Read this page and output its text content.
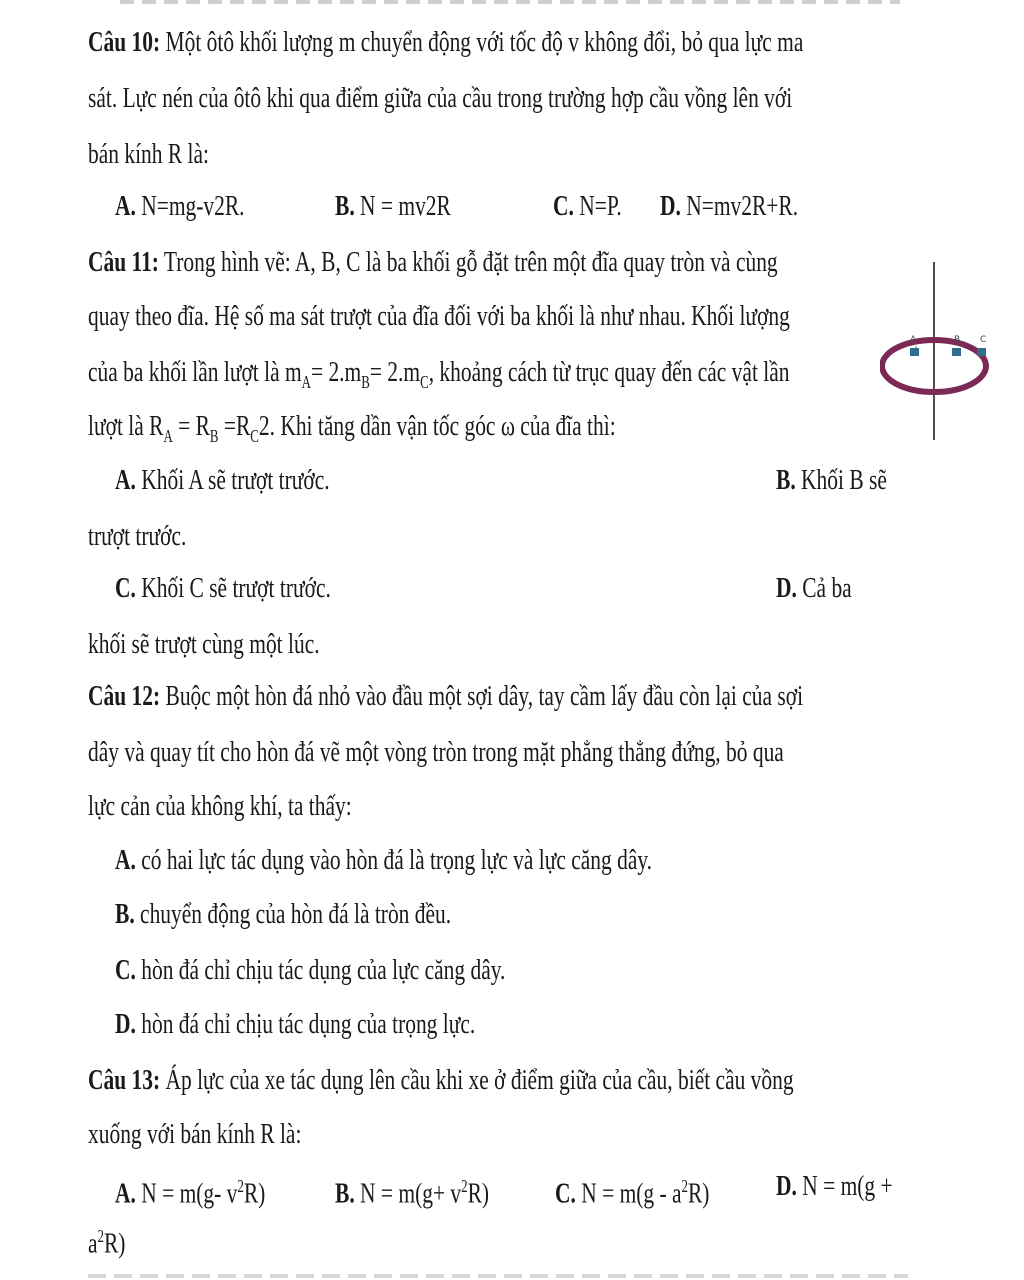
Câu 10: Một ôtô khối lượng m chuyển động với tốc độ v không đổi, bỏ qua lực ma
sát. Lực nén của ôtô khi qua điểm giữa của cầu trong trường hợp cầu vồng lên với
bán kính R là:
A. N=mg-v2R.	B. N = mv2R	C. N=P. D. N=mv2R+R.
Câu 11: Trong hình vẽ: A, B, C là ba khối gỗ đặt trên một đĩa quay tròn và cùng
quay theo đĩa. Hệ số ma sát trượt của đĩa đối với ba khối là như nhau. Khối lượng
của ba khối lần lượt là $m_A= 2.m_B= 2.m_C$, khoảng cách từ trục quay đến các vật lần
lượt là $R_A = R_B =R_C2$. Khi tăng dần vận tốc góc ω của đĩa thì:
A. Khối A sẽ trượt trước.	B. Khối B sẽ
trượt trước.
C. Khối C sẽ trượt trước.	D. Cả ba
khối sẽ trượt cùng một lúc.
A	B C
Câu 12: Buộc một hòn đá nhỏ vào đầu một sợi dây, tay cầm lấy đầu còn lại của sợi
dây và quay tít cho hòn đá vẽ một vòng tròn trong mặt phẳng thẳng đứng, bỏ qua
lực cản của không khí, ta thấy:
A. có hai lực tác dụng vào hòn đá là trọng lực và lực căng dây.
B. chuyển động của hòn đá là tròn đều.
C. hòn đá chỉ chịu tác dụng của lực căng dây.
D. hòn đá chỉ chịu tác dụng của trọng lực.
Câu 13: Áp lực của xe tác dụng lên cầu khi xe ở điểm giữa của cầu, biết cầu vồng
xuống với bán kính R là:
A. N = m(g- $v^2R$) B. $N = m(g+ v^2R)$ C. $N = m(g - a^2R)$ D. N = m(g +
$a^2R$)
